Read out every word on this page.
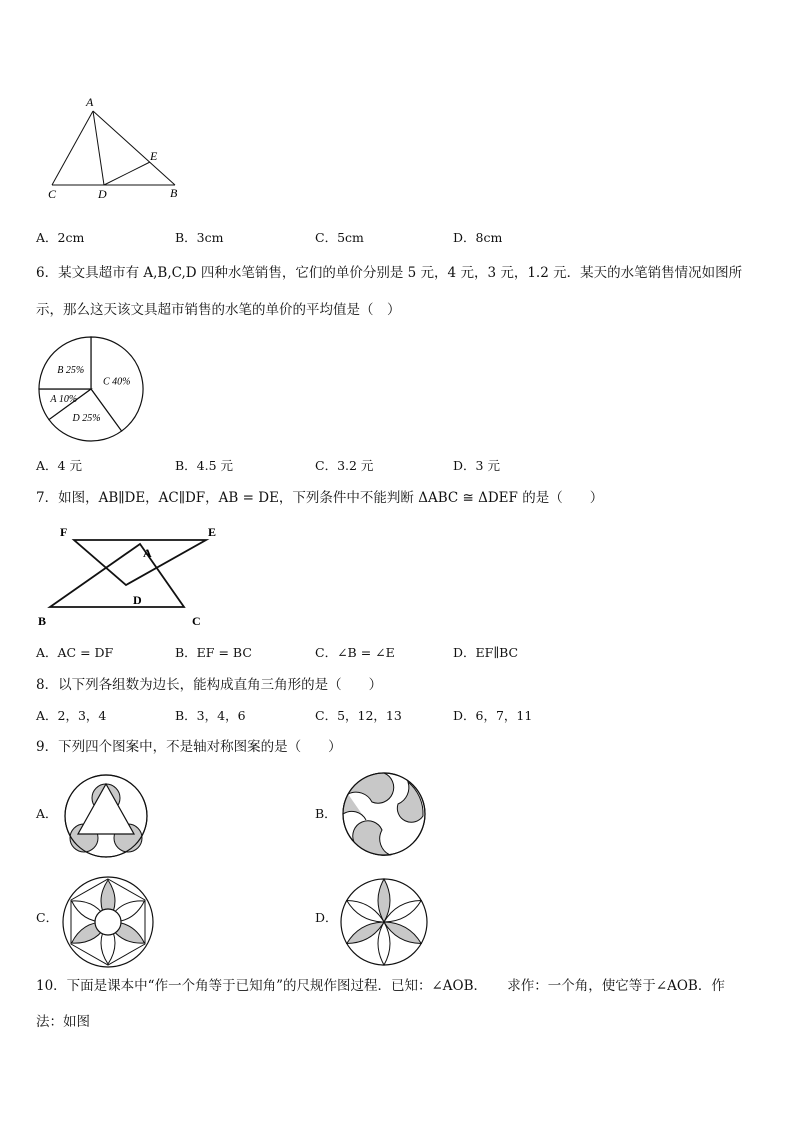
A
E
C	D	B
A．2cm	B．3cm	C．5cm	D．8cm
6．某文具超市有 A,B,C,D 四种水笔销售，它们的单价分别是 5 元，4 元，3 元，1.2 元．某天的水笔销售情况如图所
示，那么这天该文具超市销售的水笔的单价的平均值是（　）
C 40%
D 25%
A 10%
B 25%
A．4 元	B．4.5 元	C．3.2 元	D．3 元
7．如图，AB∥DE，AC∥DF，AB = DE，下列条件中不能判断 ΔABC ≅ ΔDEF 的是（　　）
F	E
A
D
B	C
A．AC = DF	B．EF = BC	C．∠B = ∠E	D．EF∥BC
8．以下列各组数为边长，能构成直角三角形的是（　　）
A．2，3，4	B．3，4，6	C．5，12，13	D．6，7，11
9．下列四个图案中，不是轴对称图案的是（　　）
A．	B．
C．	D．
10．下面是课本中“作一个角等于已知角”的尺规作图过程．已知：∠AOB．　　求作：一个角，使它等于∠AOB．作
法：如图
